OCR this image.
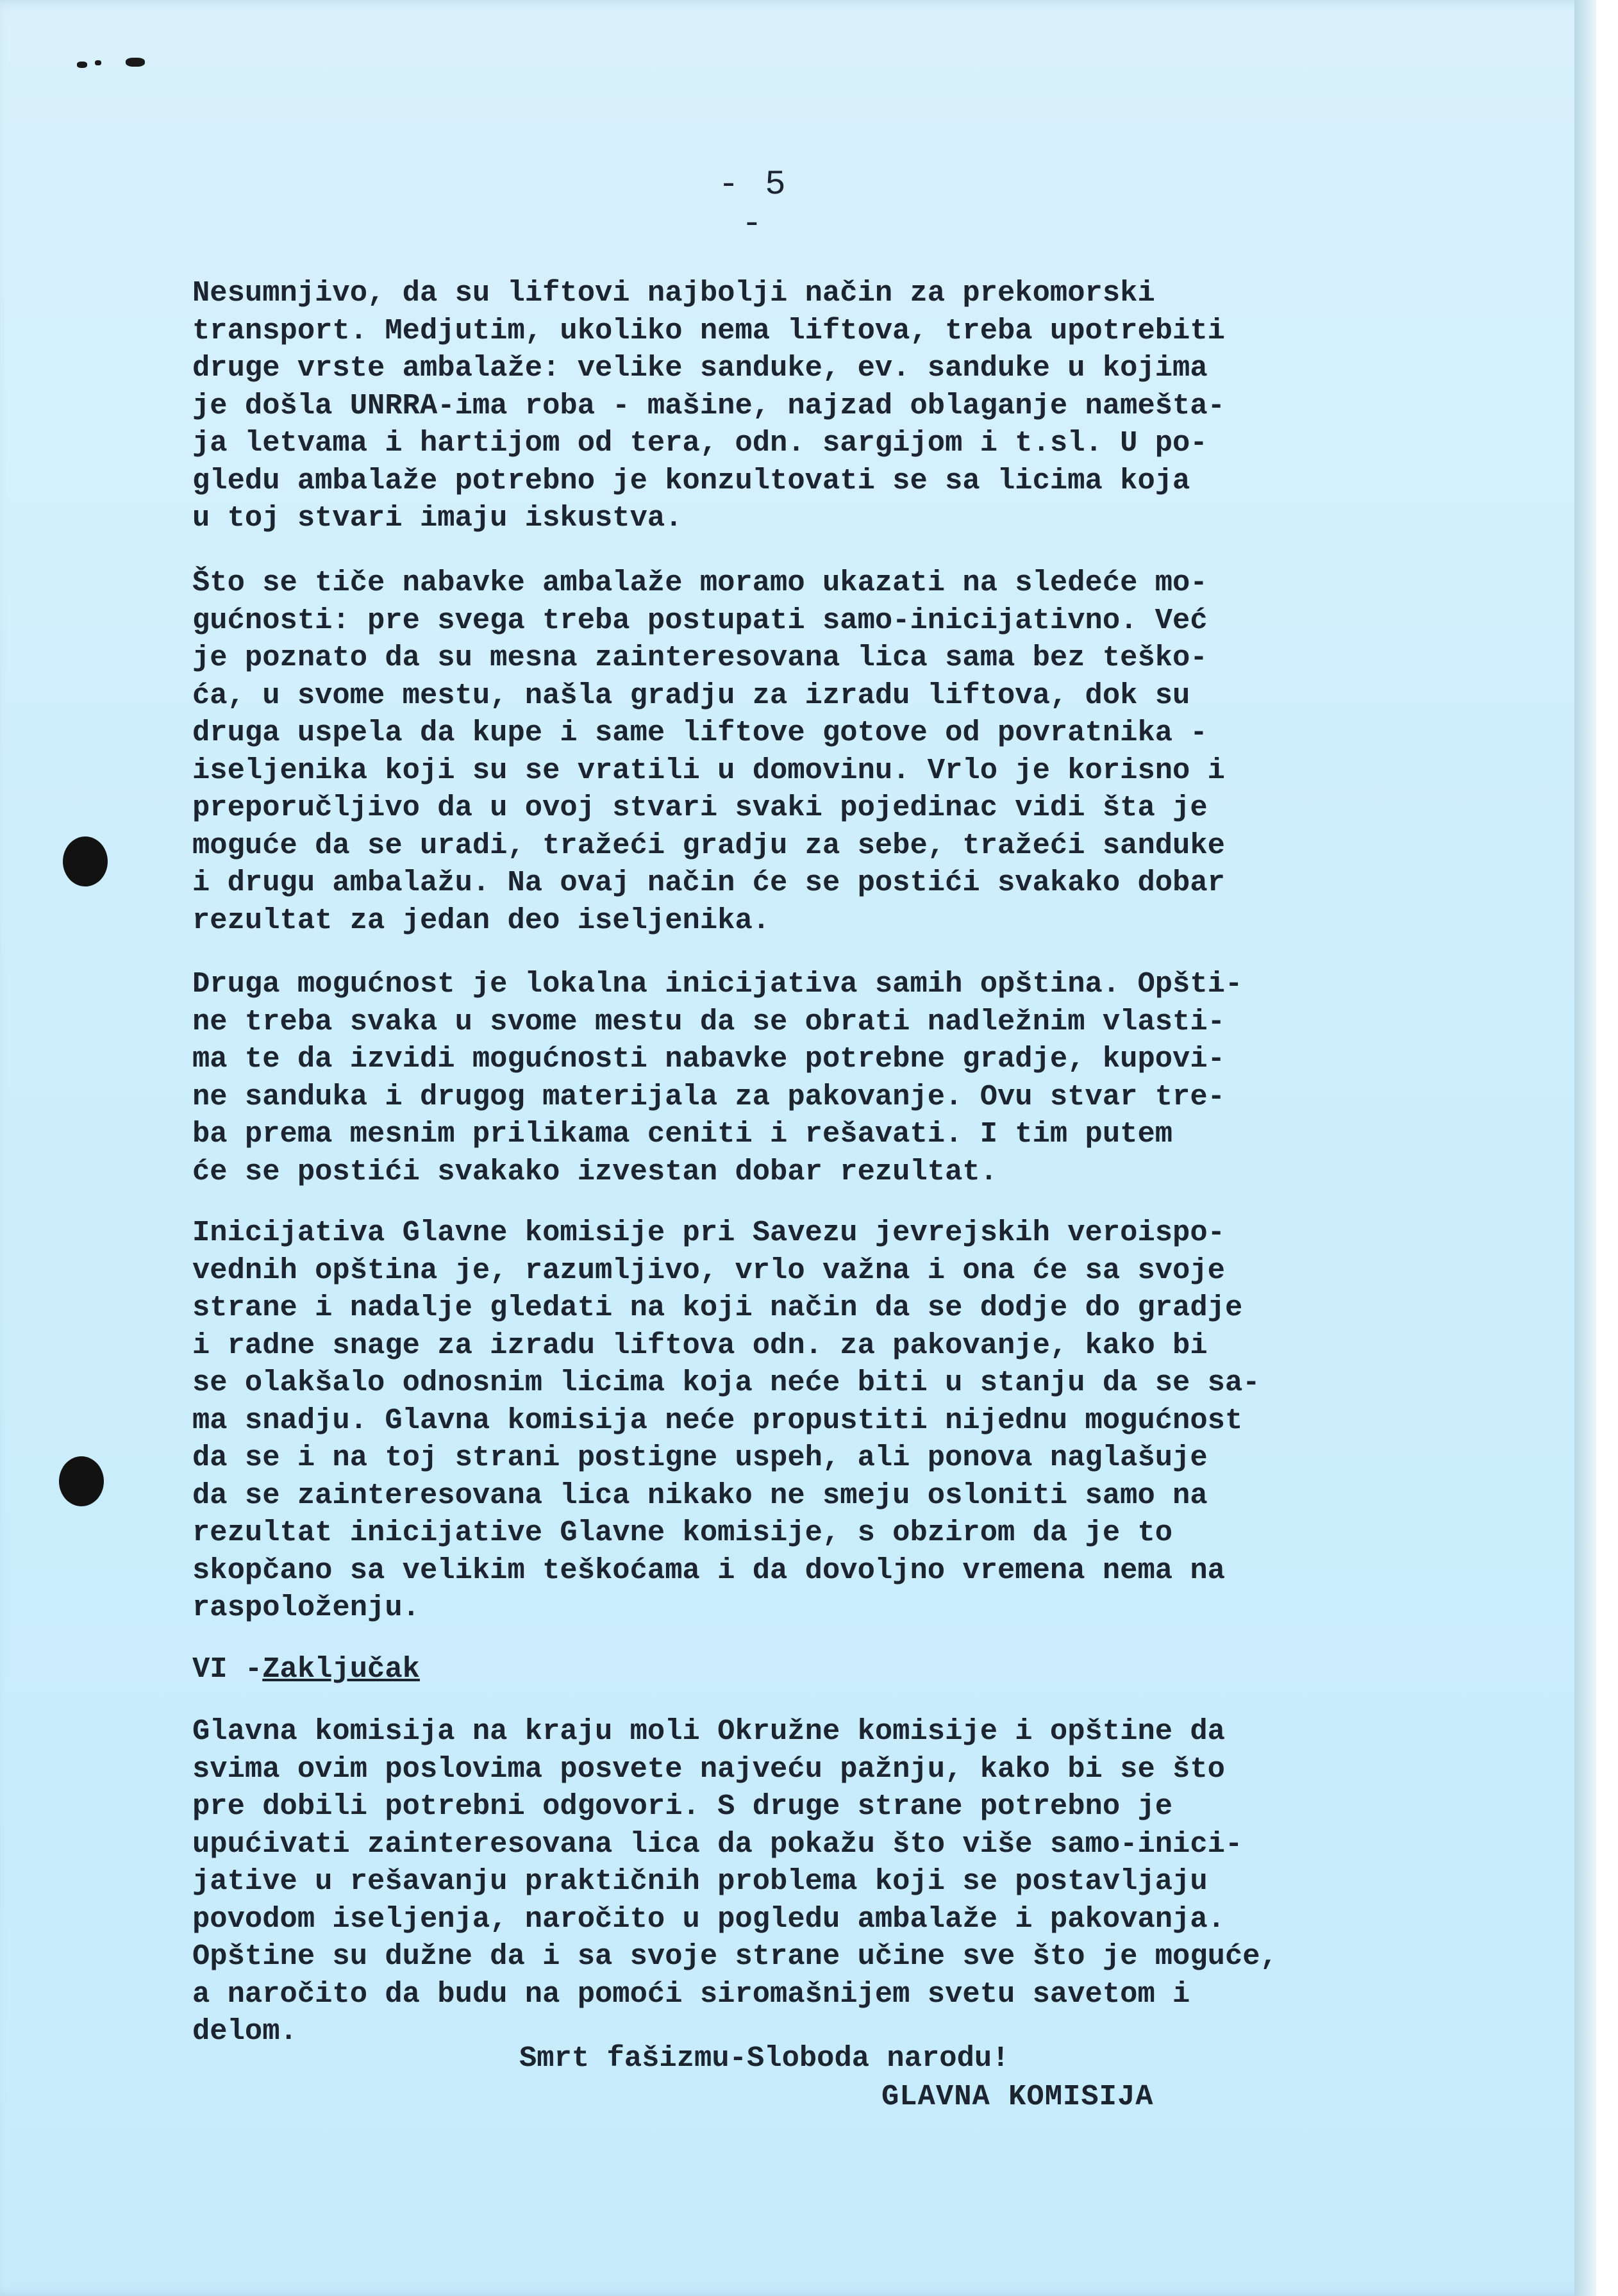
- 5 -

Nesumnjivo, da su liftovi najbolji način za prekomorski
transport. Medjutim, ukoliko nema liftova, treba upotrebiti
druge vrste ambalaže: velike sanduke, ev. sanduke u kojima
je došla UNRRA-ima roba - mašine, najzad oblaganje namešta-
ja letvama i hartijom od tera, odn. sargijom i t.sl. U po-
gledu ambalaže potrebno je konzultovati se sa licima koja
u toj stvari imaju iskustva.

Što se tiče nabavke ambalaže moramo ukazati na sledeće mo-
gućnosti: pre svega treba postupati samo-inicijativno. Već
je poznato da su mesna zainteresovana lica sama bez teško-
ća, u svome mestu, našla gradju za izradu liftova, dok su
druga uspela da kupe i same liftove gotove od povratnika -
iseljenika koji su se vratili u domovinu. Vrlo je korisno i
preporučljivo da u ovoj stvari svaki pojedinac vidi šta je
moguće da se uradi, tražeći gradju za sebe, tražeći sanduke
i drugu ambalažu. Na ovaj način će se postići svakako dobar
rezultat za jedan deo iseljenika.

Druga mogućnost je lokalna inicijativa samih opština. Opšti-
ne treba svaka u svome mestu da se obrati nadležnim vlasti-
ma te da izvidi mogućnosti nabavke potrebne gradje, kupovi-
ne sanduka i drugog materijala za pakovanje. Ovu stvar tre-
ba prema mesnim prilikama ceniti i rešavati. I tim putem
će se postići svakako izvestan dobar rezultat.

Inicijativa Glavne komisije pri Savezu jevrejskih veroispo-
vednih opština je, razumljivo, vrlo važna i ona će sa svoje
strane i nadalje gledati na koji način da se dodje do gradje
i radne snage za izradu liftova odn. za pakovanje, kako bi
se olakšalo odnosnim licima koja neće biti u stanju da se sa-
ma snadju. Glavna komisija neće propustiti nijednu mogućnost
da se i na toj strani postigne uspeh, ali ponova naglašuje
da se zainteresovana lica nikako ne smeju osloniti samo na
rezultat inicijative Glavne komisije, s obzirom da je to
skopčano sa velikim teškoćama i da dovoljno vremena nema na
raspoloženju.

VI -Zaključak

Glavna komisija na kraju moli Okružne komisije i opštine da
svima ovim poslovima posvete najveću pažnju, kako bi se što
pre dobili potrebni odgovori. S druge strane potrebno je
upućivati zainteresovana lica da pokažu što više samo-inici-
jative u rešavanju praktičnih problema koji se postavljaju
povodom iseljenja, naročito u pogledu ambalaže i pakovanja.
Opštine su dužne da i sa svoje strane učine sve što je moguće,
a naročito da budu na pomoći siromašnijem svetu savetom i
delom.

Smrt fašizmu-Sloboda narodu!
GLAVNA KOMISIJA
